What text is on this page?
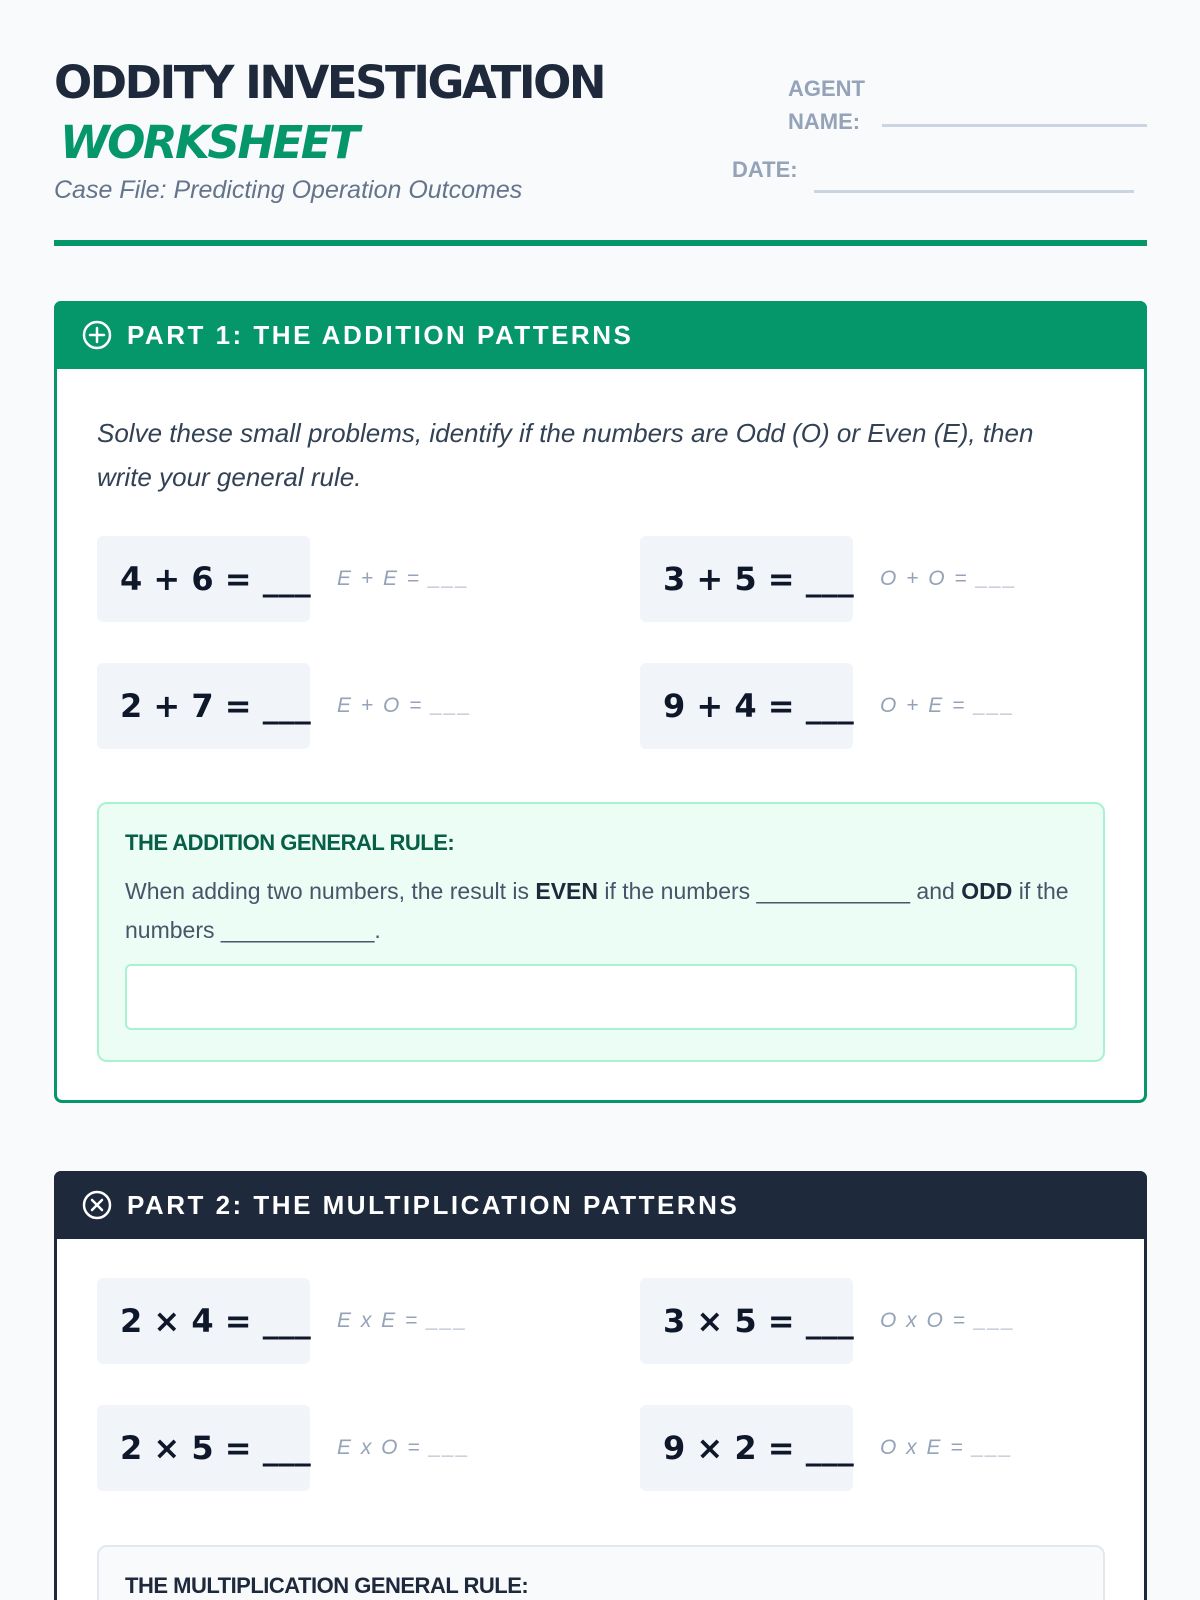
ODDITY INVESTIGATION
WORKSHEET
Case File: Predicting Operation Outcomes
AGENT NAME:
DATE:
PART 1: THE ADDITION PATTERNS
Solve these small problems, identify if the numbers are Odd (O) or Even (E), then write your general rule.
4 + 6 = ___ E + E = ___	3 + 5 = ___ O + O = ___
2 + 7 = ___ E + O = ___	9 + 4 = ___ O + E = ___
THE ADDITION GENERAL RULE:
When adding two numbers, the result is EVEN if the numbers ____________ and ODD if the numbers ____________.
PART 2: THE MULTIPLICATION PATTERNS
2 × 4 = ___ E x E = ___	3 × 5 = ___ O x O = ___
2 × 5 = ___ E x O = ___	9 × 2 = ___ O x E = ___
THE MULTIPLICATION GENERAL RULE:
